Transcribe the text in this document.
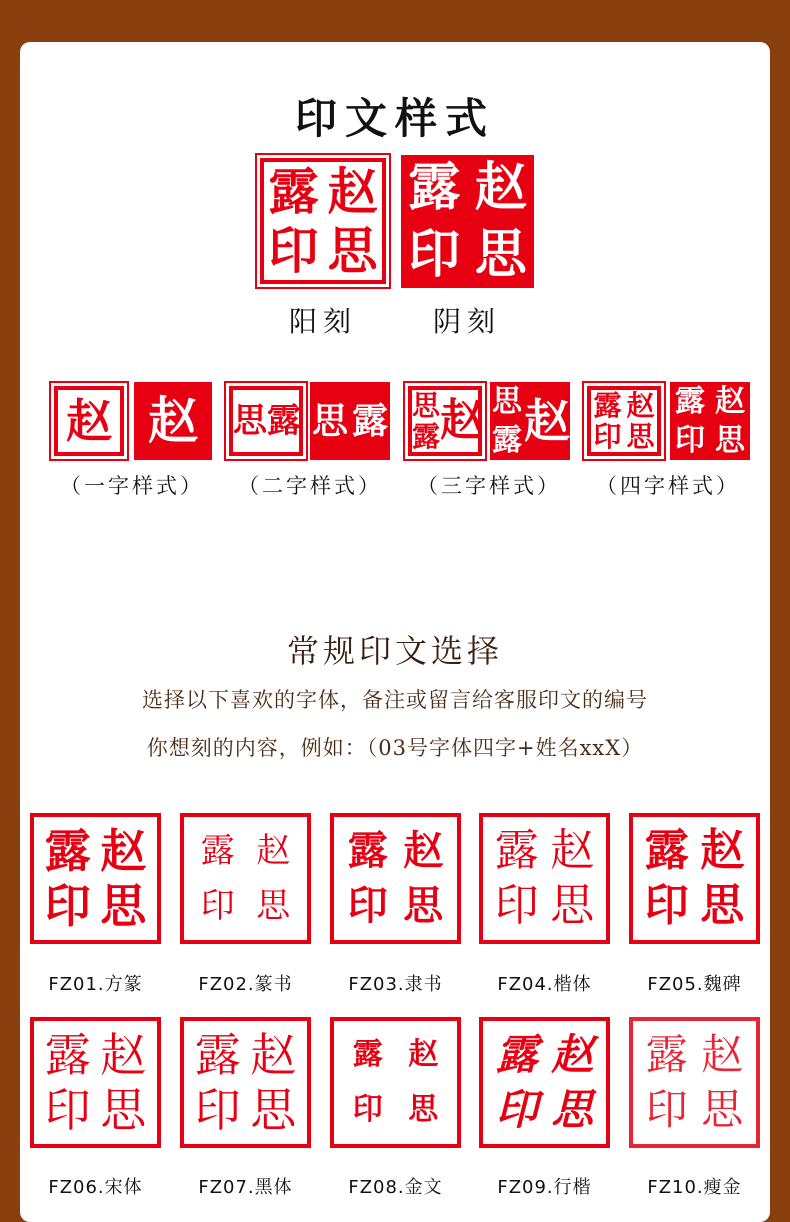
印文样式
露 赵
印 思
露 赵
印 思
阳刻	阴刻
赵 赵 思 露 思 露 思 赵
露
思 赵
露
露 赵
印 思
露 赵
印 思
（一字样式）	（二字样式）	（三字样式）	（四字样式）
常规印文选择
选择以下喜欢的字体，备注或留言给客服印文的编号
你想刻的内容，例如：（03号字体四字+姓名xxX）
露 赵
印 思
露 赵
印 思
露 赵
印 思
露 赵
印 思
露 赵
印 思
FZ01.方篆	FZ02.篆书	FZ03.隶书	FZ04.楷体	FZ05.魏碑
露 赵
印 思
露 赵
印 思
露 赵
印 思
露 赵
印 思
露 赵
印 思
FZ06.宋体	FZ07.黑体	FZ08.金文	FZ09.行楷	FZ10.瘦金
